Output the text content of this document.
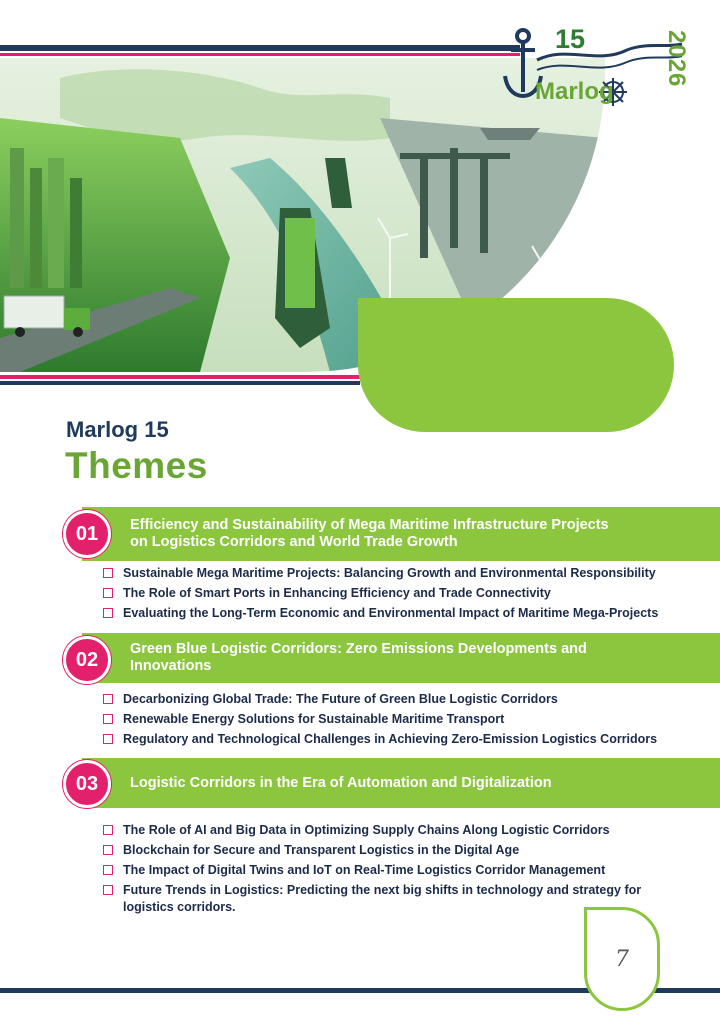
15
Marlog
2026
Marlog 15
Themes
Efficiency and Sustainability of Mega Maritime Infrastructure Projects
on Logistics Corridors and World Trade Growth
01
Sustainable Mega Maritime Projects: Balancing Growth and Environmental Responsibility
The Role of Smart Ports in Enhancing Efficiency and Trade Connectivity
Evaluating the Long-Term Economic and Environmental Impact of Maritime Mega-Projects
Green Blue Logistic Corridors: Zero Emissions Developments and
Innovations
02
Decarbonizing Global Trade: The Future of Green Blue Logistic Corridors
Renewable Energy Solutions for Sustainable Maritime Transport
Regulatory and Technological Challenges in Achieving Zero-Emission Logistics Corridors
Logistic Corridors in the Era of Automation and Digitalization
03
The Role of AI and Big Data in Optimizing Supply Chains Along Logistic Corridors
Blockchain for Secure and Transparent Logistics in the Digital Age
The Impact of Digital Twins and IoT on Real-Time Logistics Corridor Management
Future Trends in Logistics: Predicting the next big shifts in technology and strategy for
logistics corridors.
7
